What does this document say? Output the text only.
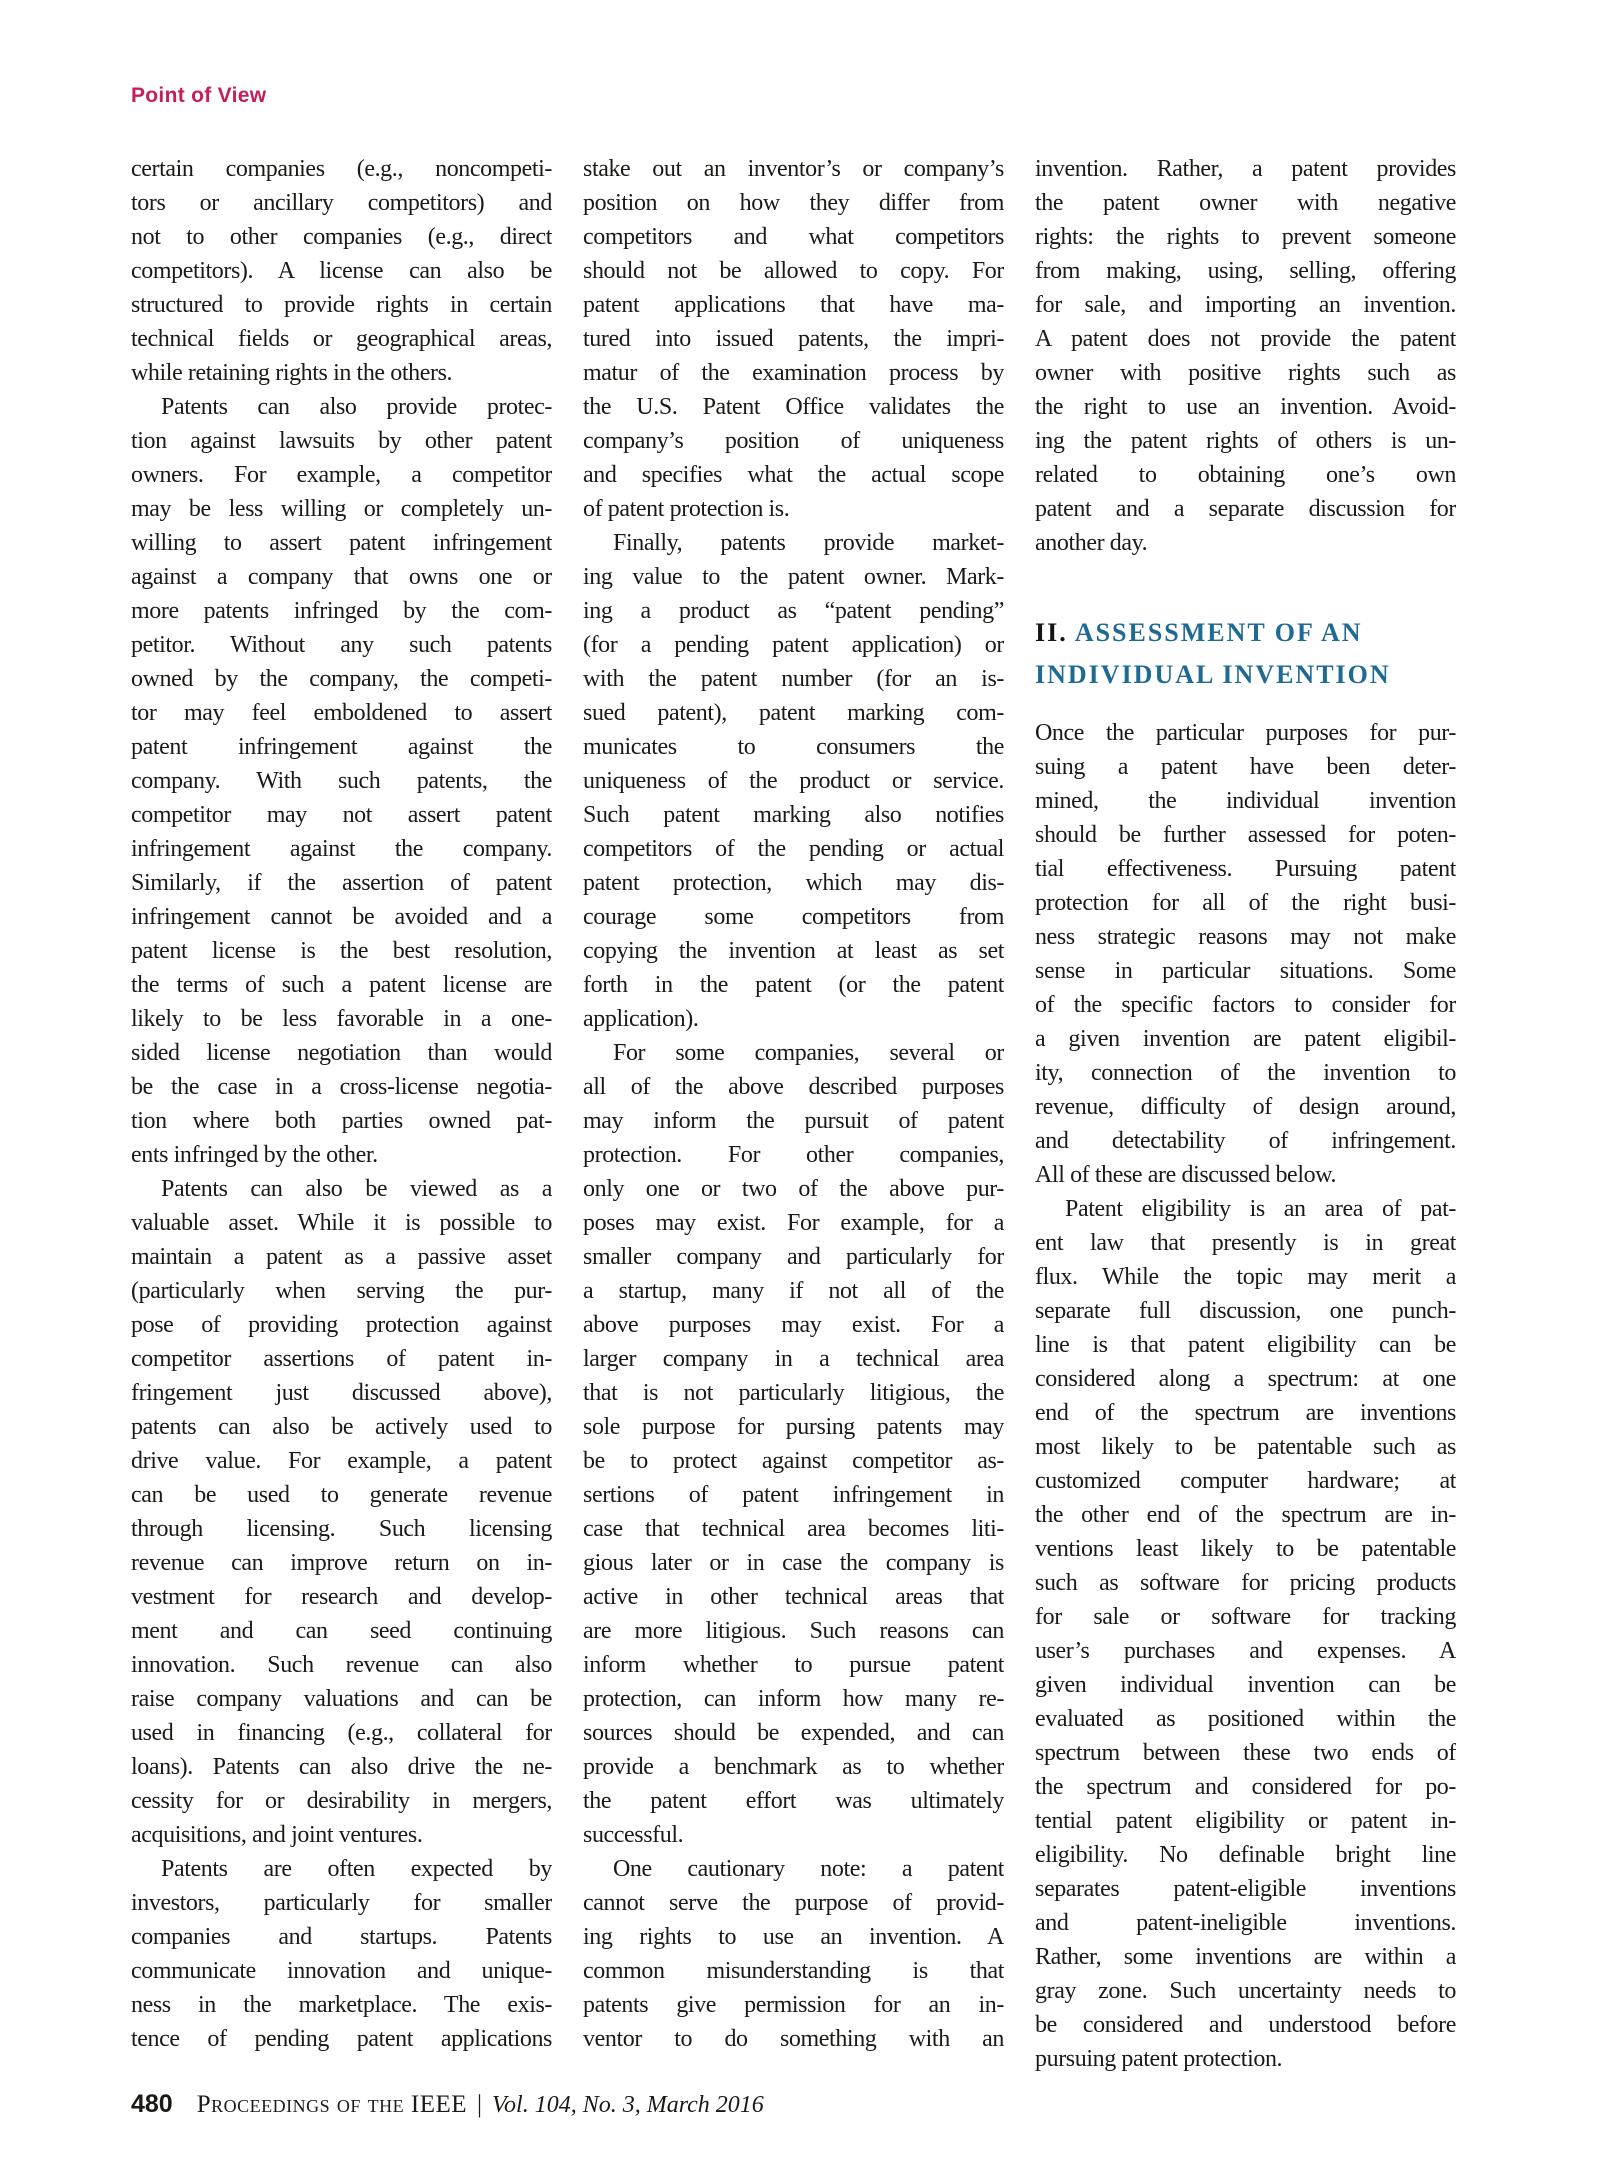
Point of View
certain companies (e.g., noncompeti-
tors or ancillary competitors) and
not to other companies (e.g., direct
competitors). A license can also be
structured to provide rights in certain
technical fields or geographical areas,
while retaining rights in the others.
Patents can also provide protec-
tion against lawsuits by other patent
owners. For example, a competitor
may be less willing or completely un-
willing to assert patent infringement
against a company that owns one or
more patents infringed by the com-
petitor. Without any such patents
owned by the company, the competi-
tor may feel emboldened to assert
patent infringement against the
company. With such patents, the
competitor may not assert patent
infringement against the company.
Similarly, if the assertion of patent
infringement cannot be avoided and a
patent license is the best resolution,
the terms of such a patent license are
likely to be less favorable in a one-
sided license negotiation than would
be the case in a cross-license negotia-
tion where both parties owned pat-
ents infringed by the other.
Patents can also be viewed as a
valuable asset. While it is possible to
maintain a patent as a passive asset
(particularly when serving the pur-
pose of providing protection against
competitor assertions of patent in-
fringement just discussed above),
patents can also be actively used to
drive value. For example, a patent
can be used to generate revenue
through licensing. Such licensing
revenue can improve return on in-
vestment for research and develop-
ment and can seed continuing
innovation. Such revenue can also
raise company valuations and can be
used in financing (e.g., collateral for
loans). Patents can also drive the ne-
cessity for or desirability in mergers,
acquisitions, and joint ventures.
Patents are often expected by
investors, particularly for smaller
companies and startups. Patents
communicate innovation and unique-
ness in the marketplace. The exis-
tence of pending patent applications
stake out an inventor’s or company’s
position on how they differ from
competitors and what competitors
should not be allowed to copy. For
patent applications that have ma-
tured into issued patents, the impri-
matur of the examination process by
the U.S. Patent Office validates the
company’s position of uniqueness
and specifies what the actual scope
of patent protection is.
Finally, patents provide market-
ing value to the patent owner. Mark-
ing a product as “patent pending”
(for a pending patent application) or
with the patent number (for an is-
sued patent), patent marking com-
municates to consumers the
uniqueness of the product or service.
Such patent marking also notifies
competitors of the pending or actual
patent protection, which may dis-
courage some competitors from
copying the invention at least as set
forth in the patent (or the patent
application).
For some companies, several or
all of the above described purposes
may inform the pursuit of patent
protection. For other companies,
only one or two of the above pur-
poses may exist. For example, for a
smaller company and particularly for
a startup, many if not all of the
above purposes may exist. For a
larger company in a technical area
that is not particularly litigious, the
sole purpose for pursing patents may
be to protect against competitor as-
sertions of patent infringement in
case that technical area becomes liti-
gious later or in case the company is
active in other technical areas that
are more litigious. Such reasons can
inform whether to pursue patent
protection, can inform how many re-
sources should be expended, and can
provide a benchmark as to whether
the patent effort was ultimately
successful.
One cautionary note: a patent
cannot serve the purpose of provid-
ing rights to use an invention. A
common misunderstanding is that
patents give permission for an in-
ventor to do something with an
invention. Rather, a patent provides
the patent owner with negative
rights: the rights to prevent someone
from making, using, selling, offering
for sale, and importing an invention.
A patent does not provide the patent
owner with positive rights such as
the right to use an invention. Avoid-
ing the patent rights of others is un-
related to obtaining one’s own
patent and a separate discussion for
another day.
II. ASSESSMENT OF AN
INDIVIDUAL INVENTION
Once the particular purposes for pur-
suing a patent have been deter-
mined, the individual invention
should be further assessed for poten-
tial effectiveness. Pursuing patent
protection for all of the right busi-
ness strategic reasons may not make
sense in particular situations. Some
of the specific factors to consider for
a given invention are patent eligibil-
ity, connection of the invention to
revenue, difficulty of design around,
and detectability of infringement.
All of these are discussed below.
Patent eligibility is an area of pat-
ent law that presently is in great
flux. While the topic may merit a
separate full discussion, one punch-
line is that patent eligibility can be
considered along a spectrum: at one
end of the spectrum are inventions
most likely to be patentable such as
customized computer hardware; at
the other end of the spectrum are in-
ventions least likely to be patentable
such as software for pricing products
for sale or software for tracking
user’s purchases and expenses. A
given individual invention can be
evaluated as positioned within the
spectrum between these two ends of
the spectrum and considered for po-
tential patent eligibility or patent in-
eligibility. No definable bright line
separates patent-eligible inventions
and patent-ineligible inventions.
Rather, some inventions are within a
gray zone. Such uncertainty needs to
be considered and understood before
pursuing patent protection.
480 Proceedings of the IEEE | Vol. 104, No. 3, March 2016
